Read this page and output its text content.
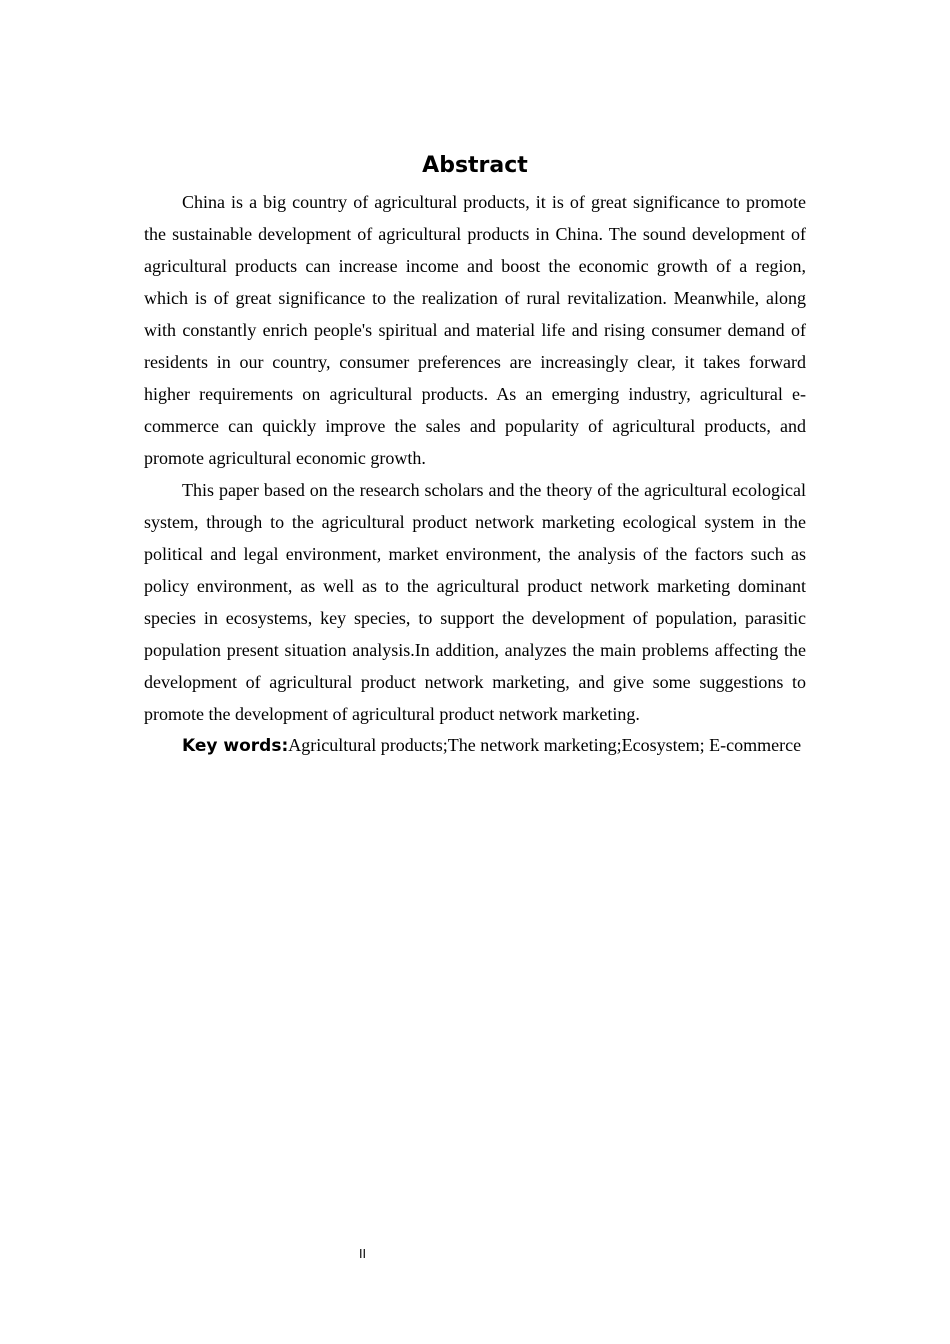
Abstract

China is a big country of agricultural products, it is of great significance to promote the sustainable development of agricultural products in China. The sound development of agricultural products can increase income and boost the economic growth of a region, which is of great significance to the realization of rural revitalization. Meanwhile, along with constantly enrich people's spiritual and material life and rising consumer demand of residents in our country, consumer preferences are increasingly clear, it takes forward higher requirements on agricultural products. As an emerging industry, agricultural e-commerce can quickly improve the sales and popularity of agricultural products, and promote agricultural economic growth.

This paper based on the research scholars and the theory of the agricultural ecological system, through to the agricultural product network marketing ecological system in the political and legal environment, market environment, the analysis of the factors such as policy environment, as well as to the agricultural product network marketing dominant species in ecosystems, key species, to support the development of population, parasitic population present situation analysis.In addition, analyzes the main problems affecting the development of agricultural product network marketing, and give some suggestions to promote the development of agricultural product network marketing.

Key words:Agricultural products;The network marketing;Ecosystem; E-commerce

II
